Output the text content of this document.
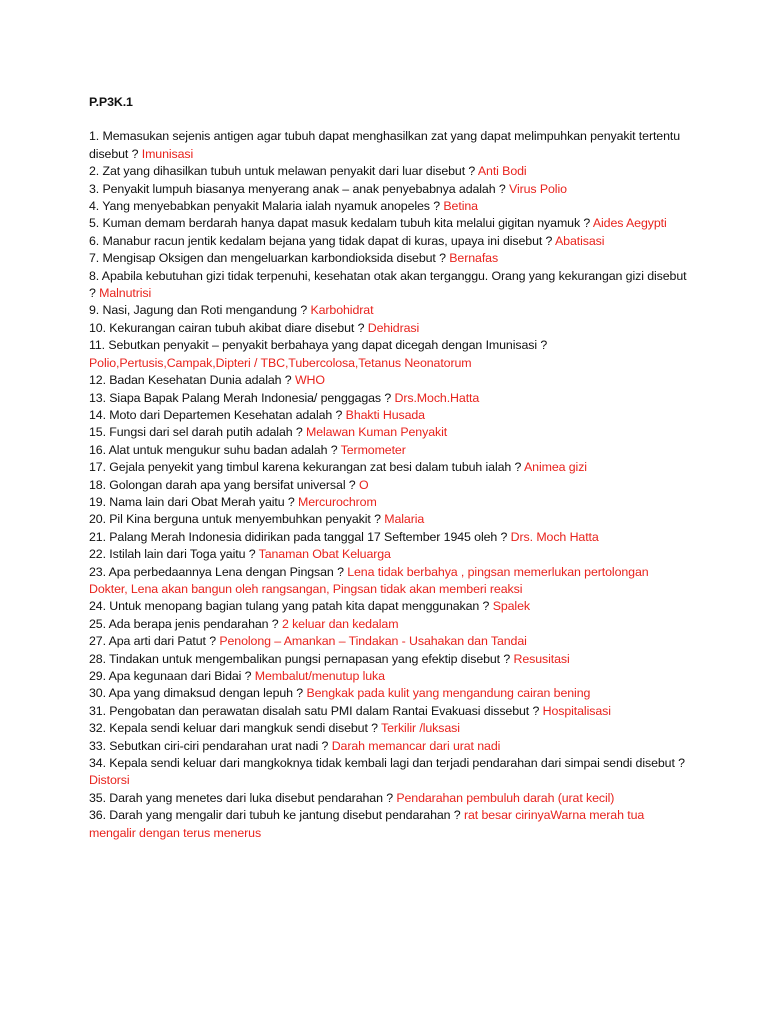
P.P3K.1

1. Memasukan sejenis antigen agar tubuh dapat menghasilkan zat yang dapat melimpuhkan penyakit tertentu disebut ? Imunisasi

2. Zat yang dihasilkan tubuh untuk melawan penyakit dari luar disebut ? Anti Bodi

3. Penyakit lumpuh biasanya menyerang anak – anak penyebabnya adalah ? Virus Polio

4. Yang menyebabkan penyakit Malaria ialah nyamuk anopeles ? Betina

5. Kuman demam berdarah hanya dapat masuk kedalam tubuh kita melalui gigitan nyamuk ? Aides Aegypti

6. Manabur racun jentik kedalam bejana yang tidak dapat di kuras, upaya ini disebut ? Abatisasi

7. Mengisap Oksigen dan mengeluarkan karbondioksida disebut ? Bernafas

8. Apabila kebutuhan gizi tidak terpenuhi, kesehatan otak akan terganggu. Orang yang kekurangan gizi disebut ? Malnutrisi

9. Nasi, Jagung dan Roti mengandung ? Karbohidrat

10. Kekurangan cairan tubuh akibat diare disebut ? Dehidrasi

11. Sebutkan penyakit – penyakit berbahaya yang dapat dicegah dengan Imunisasi ? Polio,Pertusis,Campak,Dipteri / TBC,Tubercolosa,Tetanus Neonatorum

12. Badan Kesehatan Dunia adalah ? WHO

13. Siapa Bapak Palang Merah Indonesia/ penggagas ? Drs.Moch.Hatta

14. Moto dari Departemen Kesehatan adalah ? Bhakti Husada

15. Fungsi dari sel darah putih adalah ? Melawan Kuman Penyakit

16. Alat untuk mengukur suhu badan adalah ? Termometer

17. Gejala penyekit yang timbul karena kekurangan zat besi dalam tubuh ialah ? Animea gizi

18. Golongan darah apa yang bersifat universal ? O

19. Nama lain dari Obat Merah yaitu ? Mercurochrom

20. Pil Kina berguna untuk menyembuhkan penyakit ? Malaria

21. Palang Merah Indonesia didirikan pada tanggal 17 Seftember 1945 oleh ? Drs. Moch Hatta

22. Istilah lain dari Toga yaitu ? Tanaman Obat Keluarga

23. Apa perbedaannya Lena dengan Pingsan ? Lena tidak berbahya , pingsan memerlukan pertolongan Dokter, Lena akan bangun oleh rangsangan, Pingsan tidak akan memberi reaksi

24. Untuk menopang bagian tulang yang patah kita dapat menggunakan ? Spalek

25. Ada berapa jenis pendarahan ? 2 keluar dan kedalam

27. Apa arti dari Patut ? Penolong – Amankan – Tindakan - Usahakan dan Tandai

28. Tindakan untuk mengembalikan pungsi pernapasan yang efektip disebut ? Resusitasi

29. Apa kegunaan dari Bidai ? Membalut/menutup luka

30. Apa yang dimaksud dengan lepuh ? Bengkak pada kulit yang mengandung cairan bening

31. Pengobatan dan perawatan disalah satu PMI dalam Rantai Evakuasi dissebut ? Hospitalisasi

32. Kepala sendi keluar dari mangkuk sendi disebut ? Terkilir /luksasi

33. Sebutkan ciri-ciri pendarahan urat nadi ? Darah memancar dari urat nadi

34. Kepala sendi keluar dari mangkoknya tidak kembali lagi dan terjadi pendarahan dari simpai sendi disebut ? Distorsi

35. Darah yang menetes dari luka disebut pendarahan ? Pendarahan pembuluh darah (urat kecil)

36. Darah yang mengalir dari tubuh ke jantung disebut pendarahan ? rat besar cirinyaWarna merah tua mengalir dengan terus menerus
